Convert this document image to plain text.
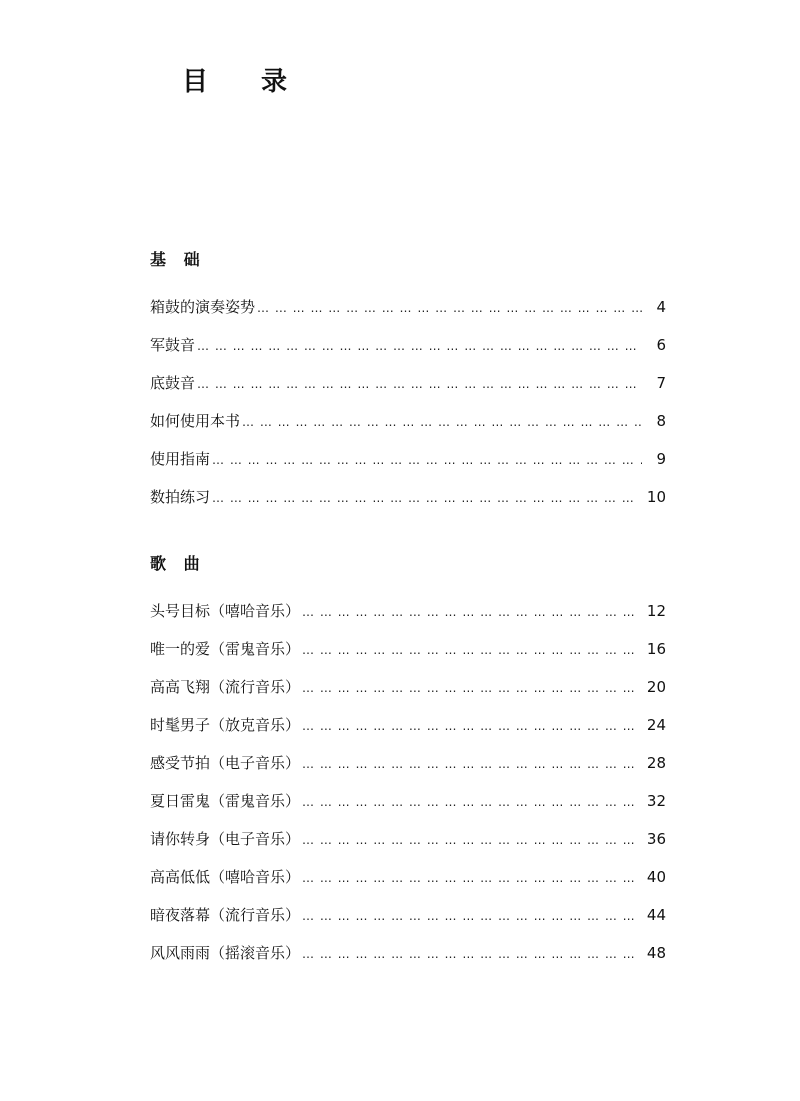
目 录
基 础
箱鼓的演奏姿势 … … … … … … … … … … … … … … … … … … … … … … … … … … … … … … … … … … … … … … … … … … … … … … … … … … … … … … …	4
军鼓音 … … … … … … … … … … … … … … … … … … … … … … … … … … … … … … … … … … … … … … … … … … … … … … … … … … … … … … …	6
底鼓音 … … … … … … … … … … … … … … … … … … … … … … … … … … … … … … … … … … … … … … … … … … … … … … … … … … … … … … …	7
如何使用本书 … … … … … … … … … … … … … … … … … … … … … … … … … … … … … … … … … … … … … … … … … … … … … … … … … … … … … … …	8
使用指南 … … … … … … … … … … … … … … … … … … … … … … … … … … … … … … … … … … … … … … … … … … … … … … … … … … … … … … …	9
数拍练习 … … … … … … … … … … … … … … … … … … … … … … … … … … … … … … … … … … … … … … … … … … … … … … … … … … … … … … …	10
歌 曲
头号目标（嘻哈音乐） … … … … … … … … … … … … … … … … … … … … … … … … … … … … … … … … … … … … … … … … … … … … … … … … … … … … … … …	12
唯一的爱（雷鬼音乐） … … … … … … … … … … … … … … … … … … … … … … … … … … … … … … … … … … … … … … … … … … … … … … … … … … … … … … …	16
高高飞翔（流行音乐） … … … … … … … … … … … … … … … … … … … … … … … … … … … … … … … … … … … … … … … … … … … … … … … … … … … … … … …	20
时髦男子（放克音乐） … … … … … … … … … … … … … … … … … … … … … … … … … … … … … … … … … … … … … … … … … … … … … … … … … … … … … … …	24
感受节拍（电子音乐） … … … … … … … … … … … … … … … … … … … … … … … … … … … … … … … … … … … … … … … … … … … … … … … … … … … … … … …	28
夏日雷鬼（雷鬼音乐） … … … … … … … … … … … … … … … … … … … … … … … … … … … … … … … … … … … … … … … … … … … … … … … … … … … … … … …	32
请你转身（电子音乐） … … … … … … … … … … … … … … … … … … … … … … … … … … … … … … … … … … … … … … … … … … … … … … … … … … … … … … …	36
高高低低（嘻哈音乐） … … … … … … … … … … … … … … … … … … … … … … … … … … … … … … … … … … … … … … … … … … … … … … … … … … … … … … …	40
暗夜落幕（流行音乐） … … … … … … … … … … … … … … … … … … … … … … … … … … … … … … … … … … … … … … … … … … … … … … … … … … … … … … …	44
风风雨雨（摇滚音乐） … … … … … … … … … … … … … … … … … … … … … … … … … … … … … … … … … … … … … … … … … … … … … … … … … … … … … … …	48
